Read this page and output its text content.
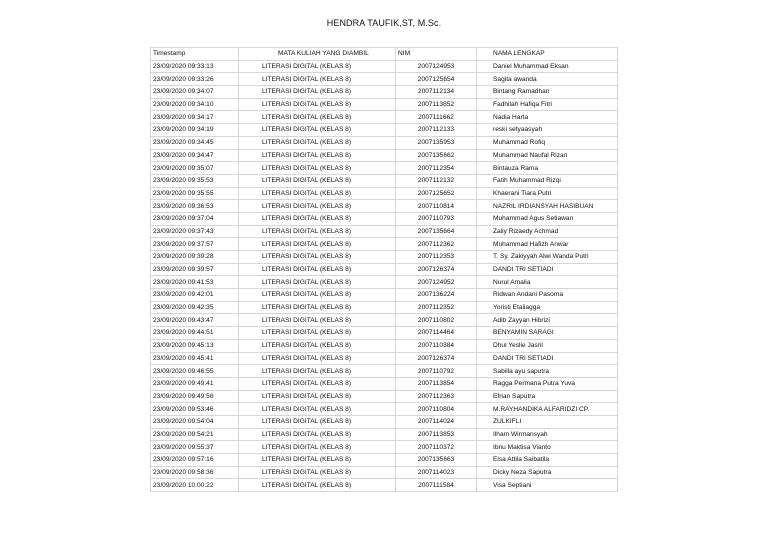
HENDRA TAUFIK,ST, M.Sc.
Timestamp	MATA KULIAH YANG DIAMBIL	NIM	NAMA LENGKAP
23/09/2020 09:33:13	LITERASI DIGITAL (KELAS 8)	2007124953	Daniel Muhammad Eksan
23/09/2020 09:33:26	LITERASI DIGITAL (KELAS 8)	2007125654	Sagita awanda
23/09/2020 09:34:07	LITERASI DIGITAL (KELAS 8)	2007112134	Bintang Ramadhan
23/09/2020 09:34:10	LITERASI DIGITAL (KELAS 8)	2007113852	Fadhilah Hafiqa Fitri
23/09/2020 09:34:17	LITERASI DIGITAL (KELAS 8)	2007111662	Nadia Harta
23/09/2020 09:34:19	LITERASI DIGITAL (KELAS 8)	2007112133	reski setyaasyah
23/09/2020 09:34:45	LITERASI DIGITAL (KELAS 8)	2007135953	Muhammad Rofiq
23/09/2020 09:34:47	LITERASI DIGITAL (KELAS 8)	2007135662	Muhammad Naufal Rizan
23/09/2020 09:35:07	LITERASI DIGITAL (KELAS 8)	2007112354	Bintauza Rama
23/09/2020 09:35:53	LITERASI DIGITAL (KELAS 8)	2007112132	Fatih Muhammad Rizqi
23/09/2020 09:35:55	LITERASI DIGITAL (KELAS 8)	2007125652	Khaerani Tiara Putri
23/09/2020 09:36:53	LITERASI DIGITAL (KELAS 8)	2007110814	NAZRIL IRDIANSYAH HASIBUAN
23/09/2020 09:37:04	LITERASI DIGITAL (KELAS 8)	2007110793	Muhammad Agus Setiawan
23/09/2020 09:37:43	LITERASI DIGITAL (KELAS 8)	2007135664	Zaliy Rizaedy Achmad
23/09/2020 09:37:57	LITERASI DIGITAL (KELAS 8)	2007112362	Muhammad Hafizh Anwar
23/09/2020 09:39:28	LITERASI DIGITAL (KELAS 8)	2007112353	T. Sy. Zakiyyah Alwi Wanda Putri
23/09/2020 09:39:57	LITERASI DIGITAL (KELAS 8)	2007126374	DANDI TRI SETIADI
23/09/2020 09:41:53	LITERASI DIGITAL (KELAS 8)	2007124952	Nurul Amalia
23/09/2020 09:42:01	LITERASI DIGITAL (KELAS 8)	2007136224	Ridwan Andani Pasoma
23/09/2020 09:42:35	LITERASI DIGITAL (KELAS 8)	2007112352	Yoristi Etaliagga
23/09/2020 09:43:47	LITERASI DIGITAL (KELAS 8)	2007110802	Adib Zayyan Hibrizi
23/09/2020 09:44:51	LITERASI DIGITAL (KELAS 8)	2007114464	BENYAMIN SARAGI
23/09/2020 09:45:13	LITERASI DIGITAL (KELAS 8)	2007110384	Dhul Yeslie Jasril
23/09/2020 09:45:41	LITERASI DIGITAL (KELAS 8)	2007126374	DANDI TRI SETIADI
23/09/2020 09:46:55	LITERASI DIGITAL (KELAS 8)	2007110792	Sabilla ayu saputra
23/09/2020 09:49:41	LITERASI DIGITAL (KELAS 8)	2007113854	Ragga Permana Putra Yuva
23/09/2020 09:49:56	LITERASI DIGITAL (KELAS 8)	2007112363	Efrian Saputra
23/09/2020 09:53:46	LITERASI DIGITAL (KELAS 8)	2007110804	M.RAYHANDIKA ALFARIDZI CP.
23/09/2020 09:54:04	LITERASI DIGITAL (KELAS 8)	2007114024	ZULKIFLI
23/09/2020 09:54:21	LITERASI DIGITAL (KELAS 8)	2007113853	Ilham Wirmansyah
23/09/2020 09:55:37	LITERASI DIGITAL (KELAS 8)	2007110372	Ibnu Maktisa Vianto
23/09/2020 09:57:16	LITERASI DIGITAL (KELAS 8)	2007135663	Elsa Attila Saibatila
23/09/2020 09:58:36	LITERASI DIGITAL (KELAS 8)	2007114023	Dicky Neza Saputra
23/09/2020 10:00:22	LITERASI DIGITAL (KELAS 8)	2007111584	Visa Septiani
